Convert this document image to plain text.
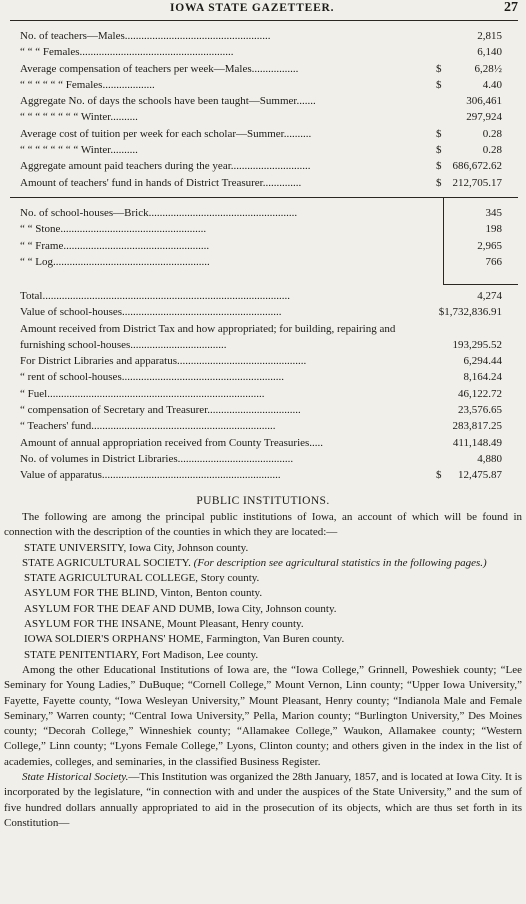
IOWA STATE GAZETTEER.	27
No. of teachers—Males.....................................................	2,815
“ “ “ Females........................................................	6,140
Average compensation of teachers per week—Males.................	$	6,28½
“ “ “ “ “ “ Females...................	$	4.40
Aggregate No. of days the schools have been taught—Summer.......	306,461
“ “ “ “ “ “ “ “ Winter..........	297,924
Average cost of tuition per week for each scholar—Summer..........	$	0.28
“ “ “ “ “ “ “ “ Winter..........	$	0.28
Aggregate amount paid teachers during the year.............................	$ 686,672.62
Amount of teachers' fund in hands of District Treasurer..............	$ 212,705.17
No. of school-houses—Brick......................................................	345
“ “ Stone.....................................................	198
“ “ Frame.....................................................	2,965
“ “ Log.........................................................	766
Total..........................................................................................	4,274
Value of school-houses..........................................................	$1,732,836.91
Amount received from District Tax and how appropriated; for building, repairing and furnishing school-houses...................................	193,295.52
For District Libraries and apparatus...............................................	6,294.44
“ rent of school-houses...........................................................	8,164.24
“ Fuel...............................................................................	46,122.72
“ compensation of Secretary and Treasurer..................................	23,576.65
“ Teachers' fund...................................................................	283,817.25
Amount of annual appropriation received from County Treasuries.....	411,148.49
No. of volumes in District Libraries..........................................	4,880
Value of apparatus.................................................................	$ 12,475.87
PUBLIC INSTITUTIONS.
The following are among the principal public institutions of Iowa, an account of which will be found in connection with the description of the counties in which they are located:—
STATE UNIVERSITY, Iowa City, Johnson county.
STATE AGRICULTURAL SOCIETY. (For description see agricultural statistics in the following pages.)
STATE AGRICULTURAL COLLEGE, Story county.
ASYLUM FOR THE BLIND, Vinton, Benton county.
ASYLUM FOR THE DEAF AND DUMB, Iowa City, Johnson county.
ASYLUM FOR THE INSANE, Mount Pleasant, Henry county.
IOWA SOLDIER'S ORPHANS' HOME, Farmington, Van Buren county.
STATE PENITENTIARY, Fort Madison, Lee county.
Among the other Educational Institutions of Iowa are, the “Iowa College,” Grinnell, Poweshiek county; “Lee Seminary for Young Ladies,” DuBuque; “Cornell College,” Mount Vernon, Linn county; “Upper Iowa University,” Fayette, Fayette county, “Iowa Wesleyan University,” Mount Pleasant, Henry county; “Indianola Male and Female Seminary,” Warren county; “Central Iowa University,” Pella, Marion county; “Burlington University,” Des Moines county; “Decorah College,” Winneshiek county; “Allamakee College,” Waukon, Allamakee county; “Western College,” Linn county; “Lyons Female College,” Lyons, Clinton county; and others given in the index in the list of academies, colleges, and seminaries, in the classified Business Register.
State Historical Society.—This Institution was organized the 28th January, 1857, and is located at Iowa City. It is incorporated by the legislature, “in connection with and under the auspices of the State University,” and the sum of five hundred dollars annually appropriated to aid in the prosecution of its objects, which are thus set forth in its Constitution—
